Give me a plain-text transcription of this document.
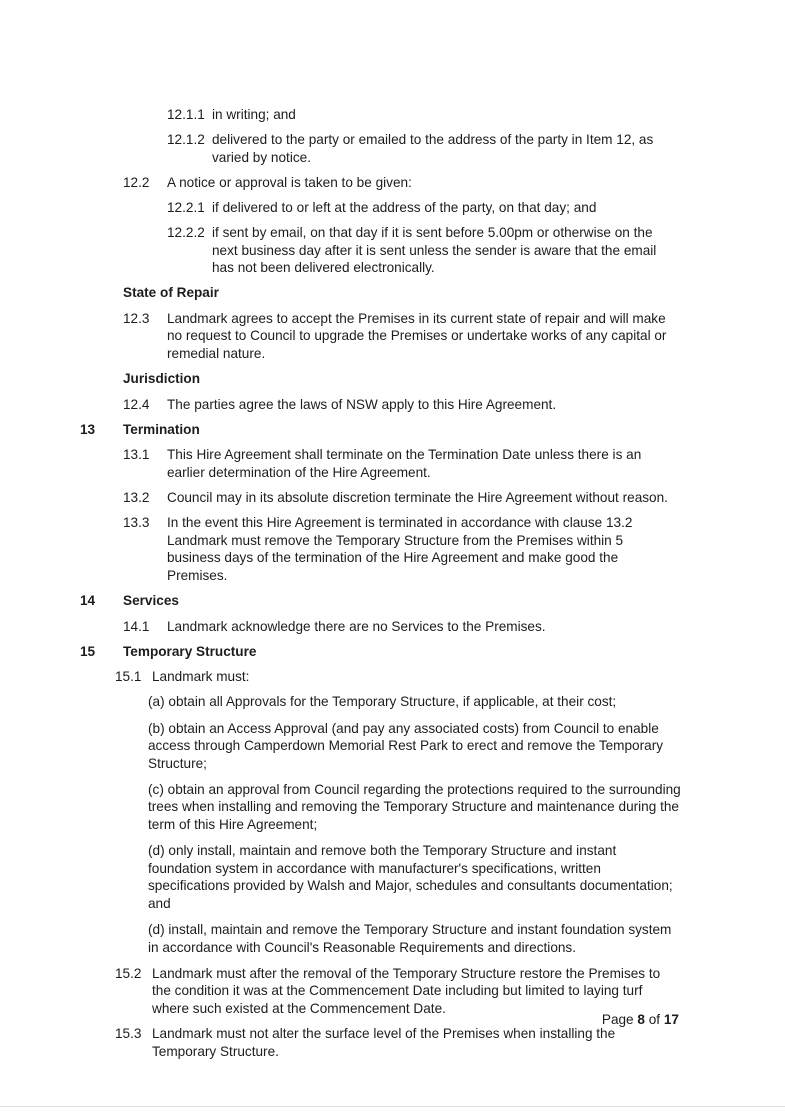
12.1.1 in writing; and
12.1.2 delivered to the party or emailed to the address of the party in Item 12, as varied by notice.
12.2 A notice or approval is taken to be given:
12.2.1 if delivered to or left at the address of the party, on that day; and
12.2.2 if sent by email, on that day if it is sent before 5.00pm or otherwise on the next business day after it is sent unless the sender is aware that the email has not been delivered electronically.
State of Repair
12.3 Landmark agrees to accept the Premises in its current state of repair and will make no request to Council to upgrade the Premises or undertake works of any capital or remedial nature.
Jurisdiction
12.4 The parties agree the laws of NSW apply to this Hire Agreement.
13 Termination
13.1 This Hire Agreement shall terminate on the Termination Date unless there is an earlier determination of the Hire Agreement.
13.2 Council may in its absolute discretion terminate the Hire Agreement without reason.
13.3 In the event this Hire Agreement is terminated in accordance with clause 13.2 Landmark must remove the Temporary Structure from the Premises within 5 business days of the termination of the Hire Agreement and make good the Premises.
14 Services
14.1 Landmark acknowledge there are no Services to the Premises.
15 Temporary Structure
15.1 Landmark must:
(a) obtain all Approvals for the Temporary Structure, if applicable, at their cost;
(b) obtain an Access Approval (and pay any associated costs) from Council to enable access through Camperdown Memorial Rest Park to erect and remove the Temporary Structure;
(c) obtain an approval from Council regarding the protections required to the surrounding trees when installing and removing the Temporary Structure and maintenance during the term of this Hire Agreement;
(d) only install, maintain and remove both the Temporary Structure and instant foundation system in accordance with manufacturer's specifications, written specifications provided by Walsh and Major, schedules and consultants documentation; and
(d) install, maintain and remove the Temporary Structure and instant foundation system in accordance with Council's Reasonable Requirements and directions.
15.2 Landmark must after the removal of the Temporary Structure restore the Premises to the condition it was at the Commencement Date including but limited to laying turf where such existed at the Commencement Date.
15.3 Landmark must not alter the surface level of the Premises when installing the Temporary Structure.
Page 8 of 17
